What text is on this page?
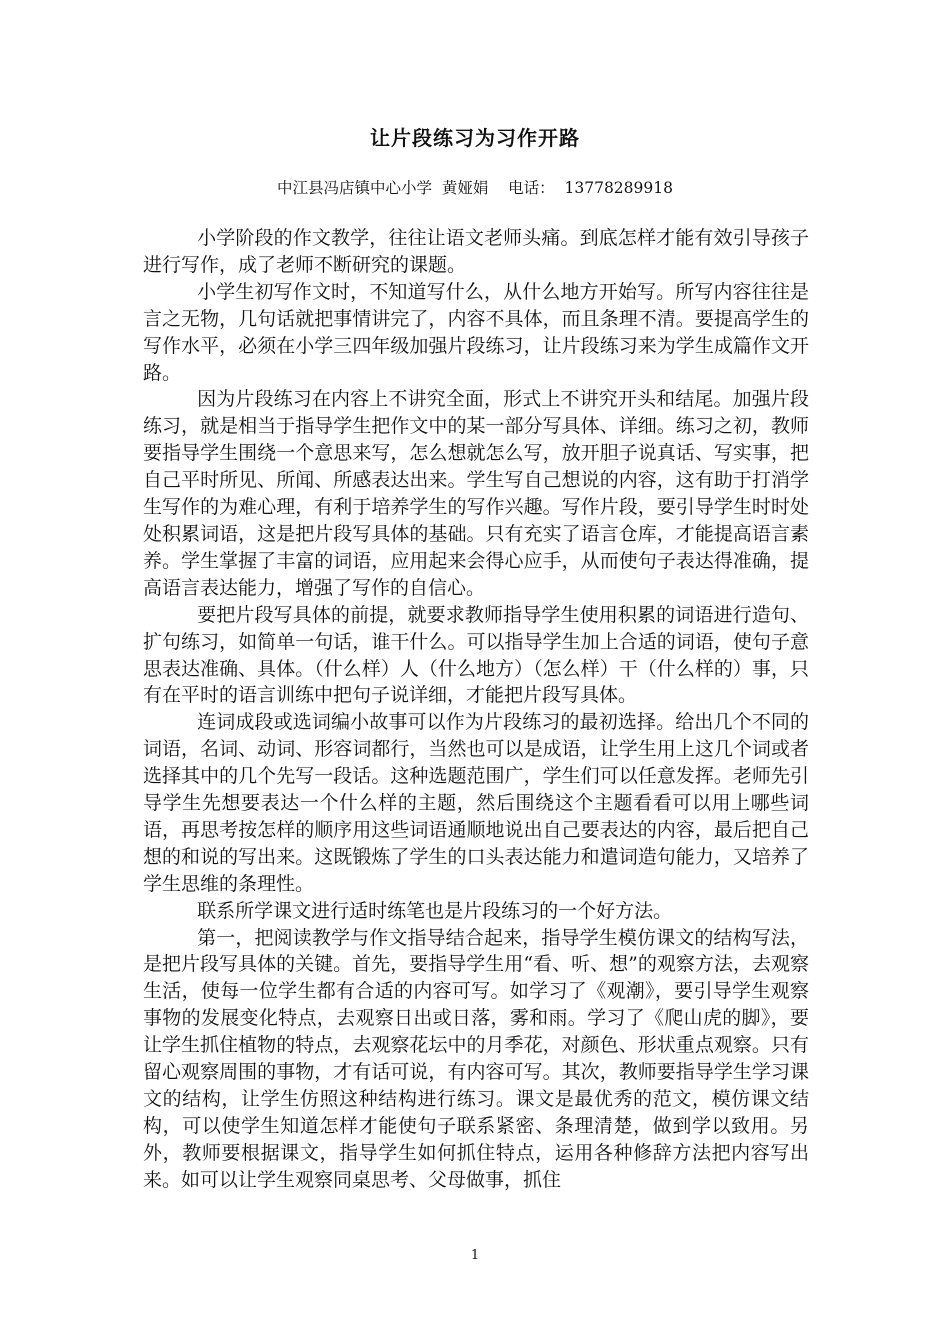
让片段练习为习作开路
中江县冯店镇中心小学 黄娅娟 电话： 13778289918

小学阶段的作文教学，往往让语文老师头痛。到底怎样才能有效引导孩子进行写作，成了老师不断研究的课题。

小学生初写作文时，不知道写什么，从什么地方开始写。所写内容往往是言之无物，几句话就把事情讲完了，内容不具体，而且条理不清。要提高学生的写作水平，必须在小学三四年级加强片段练习，让片段练习来为学生成篇作文开路。

因为片段练习在内容上不讲究全面，形式上不讲究开头和结尾。加强片段练习，就是相当于指导学生把作文中的某一部分写具体、详细。练习之初，教师要指导学生围绕一个意思来写，怎么想就怎么写，放开胆子说真话、写实事，把自己平时所见、所闻、所感表达出来。学生写自己想说的内容，这有助于打消学生写作的为难心理，有利于培养学生的写作兴趣。写作片段，要引导学生时时处处积累词语，这是把片段写具体的基础。只有充实了语言仓库，才能提高语言素养。学生掌握了丰富的词语，应用起来会得心应手，从而使句子表达得准确，提高语言表达能力，增强了写作的自信心。

要把片段写具体的前提，就要求教师指导学生使用积累的词语进行造句、扩句练习，如简单一句话，谁干什么。可以指导学生加上合适的词语，使句子意思表达准确、具体。（什么样）人（什么地方）（怎么样）干（什么样的）事，只有在平时的语言训练中把句子说详细，才能把片段写具体。

连词成段或选词编小故事可以作为片段练习的最初选择。给出几个不同的词语，名词、动词、形容词都行，当然也可以是成语，让学生用上这几个词或者选择其中的几个先写一段话。这种选题范围广，学生们可以任意发挥。老师先引导学生先想要表达一个什么样的主题，然后围绕这个主题看看可以用上哪些词语，再思考按怎样的顺序用这些词语通顺地说出自己要表达的内容，最后把自己想的和说的写出来。这既锻炼了学生的口头表达能力和遣词造句能力，又培养了学生思维的条理性。

联系所学课文进行适时练笔也是片段练习的一个好方法。

第一，把阅读教学与作文指导结合起来，指导学生模仿课文的结构写法，是把片段写具体的关键。首先，要指导学生用“看、听、想”的观察方法，去观察生活，使每一位学生都有合适的内容可写。如学习了《观潮》，要引导学生观察事物的发展变化特点，去观察日出或日落，雾和雨。学习了《爬山虎的脚》，要让学生抓住植物的特点，去观察花坛中的月季花，对颜色、形状重点观察。只有留心观察周围的事物，才有话可说，有内容可写。其次，教师要指导学生学习课文的结构，让学生仿照这种结构进行练习。课文是最优秀的范文，模仿课文结构，可以使学生知道怎样才能使句子联系紧密、条理清楚，做到学以致用。另外，教师要根据课文，指导学生如何抓住特点，运用各种修辞方法把内容写出来。如可以让学生观察同桌思考、父母做事，抓住

1
